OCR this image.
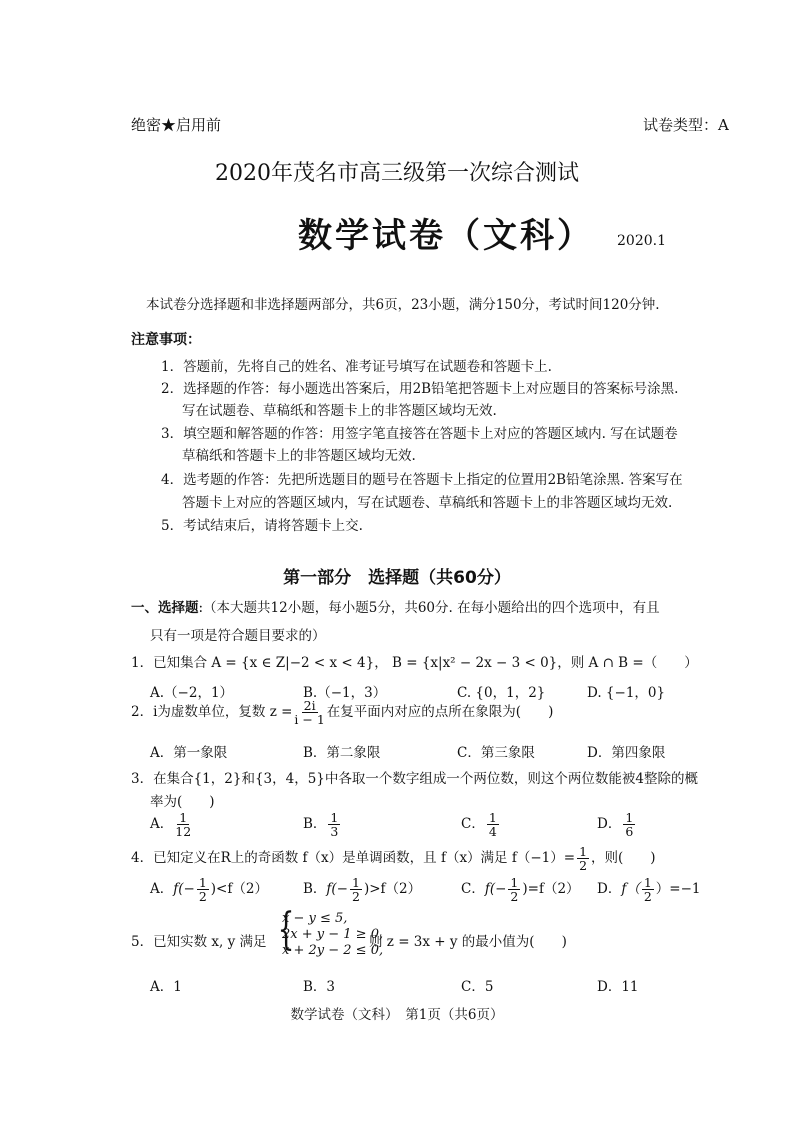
绝密★启用前	试卷类型：A
2020年茂名市高三级第一次综合测试
数学试卷（文科） 2020.1
本试卷分选择题和非选择题两部分，共6页，23小题，满分150分，考试时间120分钟.
注意事项：
1．答题前，先将自己的姓名、准考证号填写在试题卷和答题卡上.
2．选择题的作答：每小题选出答案后，用2B铅笔把答题卡上对应题目的答案标号涂黑.
写在试题卷、草稿纸和答题卡上的非答题区域均无效.
3．填空题和解答题的作答：用签字笔直接答在答题卡上对应的答题区域内. 写在试题卷
草稿纸和答题卡上的非答题区域均无效.
4．选考题的作答：先把所选题目的题号在答题卡上指定的位置用2B铅笔涂黑. 答案写在
答题卡上对应的答题区域内，写在试题卷、草稿纸和答题卡上的非答题区域均无效.
5．考试结束后，请将答题卡上交.
第一部分　选择题（共60分）
一、选择题:（本大题共12小题，每小题5分，共60分. 在每小题给出的四个选项中，有且
只有一项是符合题目要求的）
1．已知集合 A = {x ∈ Z|−2 < x < 4}， B = {x|x² − 2x − 3 < 0}，则 A ∩ B =（　　）
A.（−2，1）	B.（−1，3）	C. {0，1，2}	D. {−1，0}
2．i为虚数单位，复数 $z = \frac{2i}{i - 1}$ 在复平面内对应的点所在象限为(　　)
A．第一象限	B．第二象限	C．第三象限	D．第四象限
3．在集合{1，2}和{3，4，5}中各取一个数字组成一个两位数，则这个两位数能被4整除的概
率为(　　)
A． $\frac{1}{12}$	B． $\frac{1}{3}$	C． $\frac{1}{4}$	D． $\frac{1}{6}$
4．已知定义在R上的奇函数 f（x）是单调函数，且 f（x）满足 $f(-1)= \frac{1}{2}$ ，则(　　)
A．$f(- \frac{1}{2} )<f(2)$	B．$f(- \frac{1}{2} )>f(2)$	C．$f(- \frac{1}{2} )=f(2)$ D．$f( \frac{1}{2} )=-1$
5．已知实数 x, y 满足 {
x − y ≤ 5,
2x + y − 1 ≥ 0,
x + 2y − 2 ≤ 0,
则 z = 3x + y 的最小值为(　　)
A．1	B．3	C．5	D．11
数学试卷（文科）　第1页（共6页）
